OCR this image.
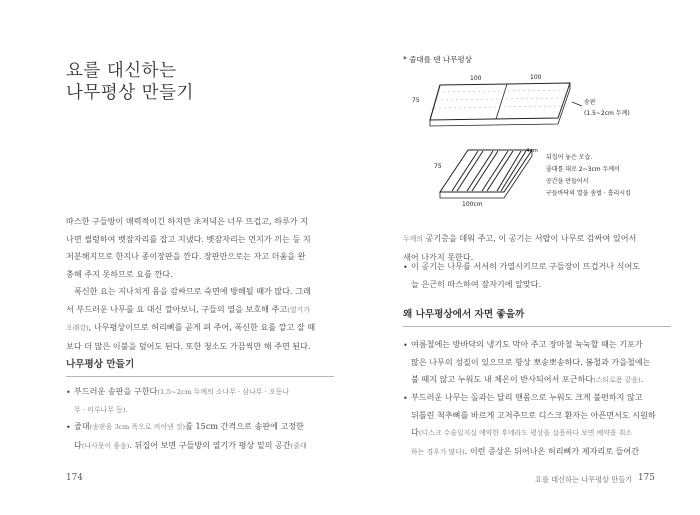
요를 대신하는
나무평상 만들기

따스한 구들방이 매력적이긴 하지만 초저녁은 너무 뜨겁고, 하루가 지
나면 썰렁하여 벳잠자리를 잡고 지냈다. 벳잠자리는 먼지가 끼는 등 지
저분해지므로 한지나 종이장판을 깐다. 장판만으로는 자고 더움을 완
충해 주지 못하므로 요를 깐다.

폭신한 요는 지나치게 몸을 감싸므로 숙면에 방해될 때가 많다. 그래
서 부드러운 나무를 요 대신 깔아보니, 구들의 열을 보호해 주고(열기가
오래감), 나무평상이므로 허리뼈를 곧게 펴 주어, 폭신한 요를 깔고 잘 때
보다 더 많은 이불을 덮어도 된다. 또한 청소도 가끔씩만 해 주면 된다.

나무평상 만들기
• 부드러운 송판을 구한다(1.5~2cm 두께의 소나무 · 삼나무 · 오동나
무 · 미루나무 등).

• 줄대(송판을 3cm 폭으로 켜어낸 것)를 15cm 간격으로 송판에 고정한
다(나사못이 좋음). 뒤집어 보면 구들방의 열기가 평상 밑의 공간(줄대

174
* 줄대를 덴 나무평상
100	100
75	송판
(1.5~2cm 두께)
4cm
75
100cm
뒤집어 놓은 모습.
줄대를 대로 2~3cm 두께이
공간을 만들어서
구들바닥의 열을 솜벌 · 흡리시킴

두께의 공기층을 데워 주고, 이 공기는 서랍이 나무로 감싸여 있어서
새어 나가지 못한다.

• 이 공기는 나무를 서서히 가열시키므로 구들장이 뜨겁거나 식어도
늘 은근히 따스하여 잠자기에 알맞다.

왜 나무평상에서 자면 좋을까
• 여름철에는 방바닥의 냉기도 막아 주고 장마철 눅눅할 때는 기포가
많은 나무의 성질이 있으므로 항상 뽀송뽀송하다. 봄철과 가을철에는
불 때지 않고 누워도 내 체온이 반사되어서 포근하다(스티로폼 같음).

• 부드러운 나무는 돌과는 달리 맨몸으로 누워도 크게 불편하지 않고
뒤틀린 척추뼈를 바르게 고저주므로 디스크 환자는 아픈면서도 시원하
다(디스크 수술일지실 예약한 후에라도 평상을 실용하다 보면 예약을 취소
하는 경우가 많다). 이런 증상은 뒤어나온 허리뼈가 제자리로 들어간

요를 대신하는 나무평상 만들기 175
